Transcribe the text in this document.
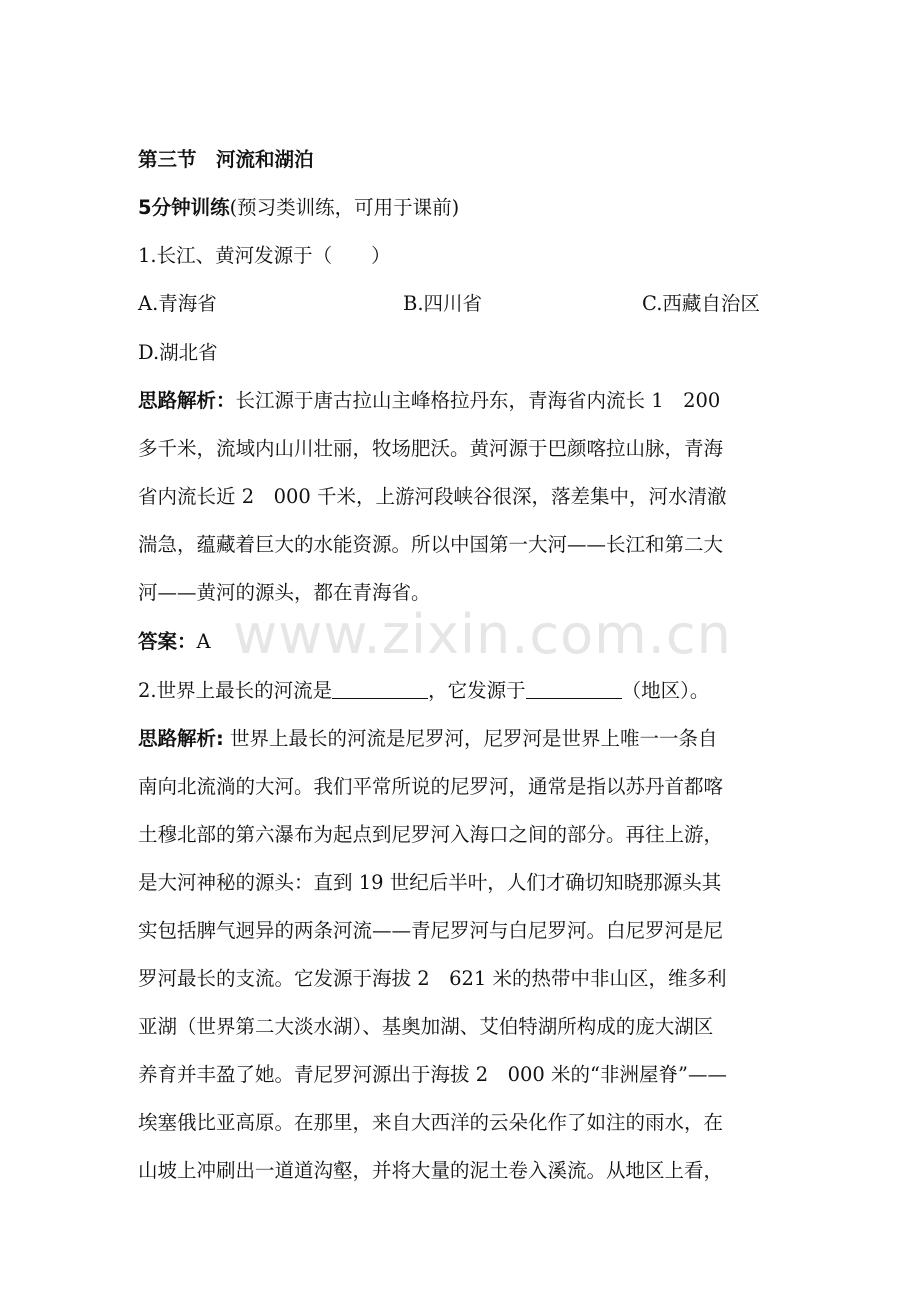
www.zixin.com.cn
第三节　河流和湖泊
5分钟训练(预习类训练，可用于课前)
1.长江、黄河发源于（　　）
A.青海省	B.四川省	C.西藏自治区
D.湖北省
思路解析：长江源于唐古拉山主峰格拉丹东，青海省内流长 1　200
多千米，流域内山川壮丽，牧场肥沃。黄河源于巴颜喀拉山脉，青海
省内流长近 2　000 千米，上游河段峡谷很深，落差集中，河水清澈
湍急，蕴藏着巨大的水能资源。所以中国第一大河——长江和第二大
河——黄河的源头，都在青海省。
答案：A
2.世界上最长的河流是	，它发源于	（地区）。
思路解析: 世界上最长的河流是尼罗河，尼罗河是世界上唯一一条自
南向北流淌的大河。我们平常所说的尼罗河，通常是指以苏丹首都喀
土穆北部的第六瀑布为起点到尼罗河入海口之间的部分。再往上游，
是大河神秘的源头：直到 19 世纪后半叶，人们才确切知晓那源头其
实包括脾气迥异的两条河流——青尼罗河与白尼罗河。白尼罗河是尼
罗河最长的支流。它发源于海拔 2　621 米的热带中非山区，维多利
亚湖（世界第二大淡水湖）、基奥加湖、艾伯特湖所构成的庞大湖区
养育并丰盈了她。青尼罗河源出于海拔 2　000 米的“非洲屋脊”——
埃塞俄比亚高原。在那里，来自大西洋的云朵化作了如注的雨水，在
山坡上冲刷出一道道沟壑，并将大量的泥土卷入溪流。从地区上看，
